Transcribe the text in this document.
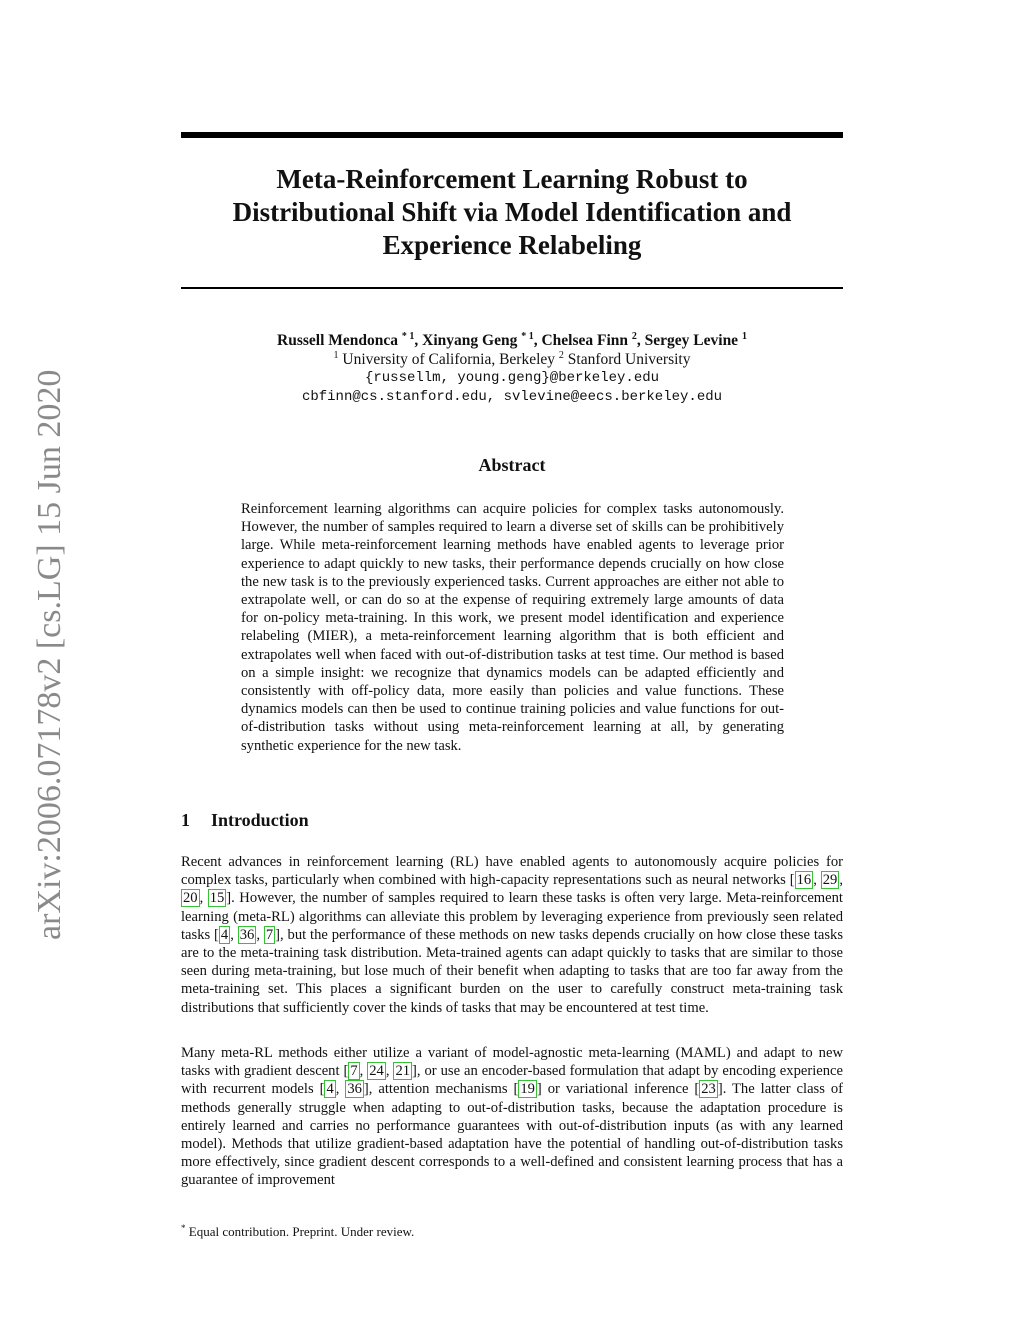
arXiv:2006.07178v2 [cs.LG] 15 Jun 2020
Meta-Reinforcement Learning Robust to
Distributional Shift via Model Identification and
Experience Relabeling
Russell Mendonca $^{* 1}$, Xinyang Geng $^{* 1}$, Chelsea Finn $^2$, Sergey Levine $^1$
$^1$ University of California, Berkeley $^2$ Stanford University
{russellm, young.geng}@berkeley.edu
cbfinn@cs.stanford.edu, svlevine@eecs.berkeley.edu
Abstract

Reinforcement learning algorithms can acquire policies for complex tasks autonomously. However, the number of samples required to learn a diverse set of skills can be prohibitively large. While meta-reinforcement learning methods have enabled agents to leverage prior experience to adapt quickly to new tasks, their performance depends crucially on how close the new task is to the previously experienced tasks. Current approaches are either not able to extrapolate well, or can do so at the expense of requiring extremely large amounts of data for on-policy meta-training. In this work, we present model identification and experience relabeling (MIER), a meta-reinforcement learning algorithm that is both efficient and extrapolates well when faced with out-of-distribution tasks at test time. Our method is based on a simple insight: we recognize that dynamics models can be adapted efficiently and consistently with off-policy data, more easily than policies and value functions. These dynamics models can then be used to continue training policies and value functions for out-of-distribution tasks without using meta-reinforcement learning at all, by generating synthetic experience for the new task.

1 Introduction

Recent advances in reinforcement learning (RL) have enabled agents to autonomously acquire policies for complex tasks, particularly when combined with high-capacity representations such as neural networks [ 16 , 29 , 20 , 15 ]. However, the number of samples required to learn these tasks is often very large. Meta-reinforcement learning (meta-RL) algorithms can alleviate this problem by leveraging experience from previously seen related tasks [ 4 , 36 , 7 ], but the performance of these methods on new tasks depends crucially on how close these tasks are to the meta-training task distribution. Meta-trained agents can adapt quickly to tasks that are similar to those seen during meta-training, but lose much of their benefit when adapting to tasks that are too far away from the meta-training set. This places a significant burden on the user to carefully construct meta-training task distributions that sufficiently cover the kinds of tasks that may be encountered at test time.

Many meta-RL methods either utilize a variant of model-agnostic meta-learning (MAML) and adapt to new tasks with gradient descent [ 7 , 24 , 21 ], or use an encoder-based formulation that adapt by encoding experience with recurrent models [ 4 , 36 ], attention mechanisms [ 19 ] or variational inference [ 23 ]. The latter class of methods generally struggle when adapting to out-of-distribution tasks, because the adaptation procedure is entirely learned and carries no performance guarantees with out-of-distribution inputs (as with any learned model). Methods that utilize gradient-based adaptation have the potential of handling out-of-distribution tasks more effectively, since gradient descent corresponds to a well-defined and consistent learning process that has a guarantee of improvement

* Equal contribution. Preprint. Under review.
